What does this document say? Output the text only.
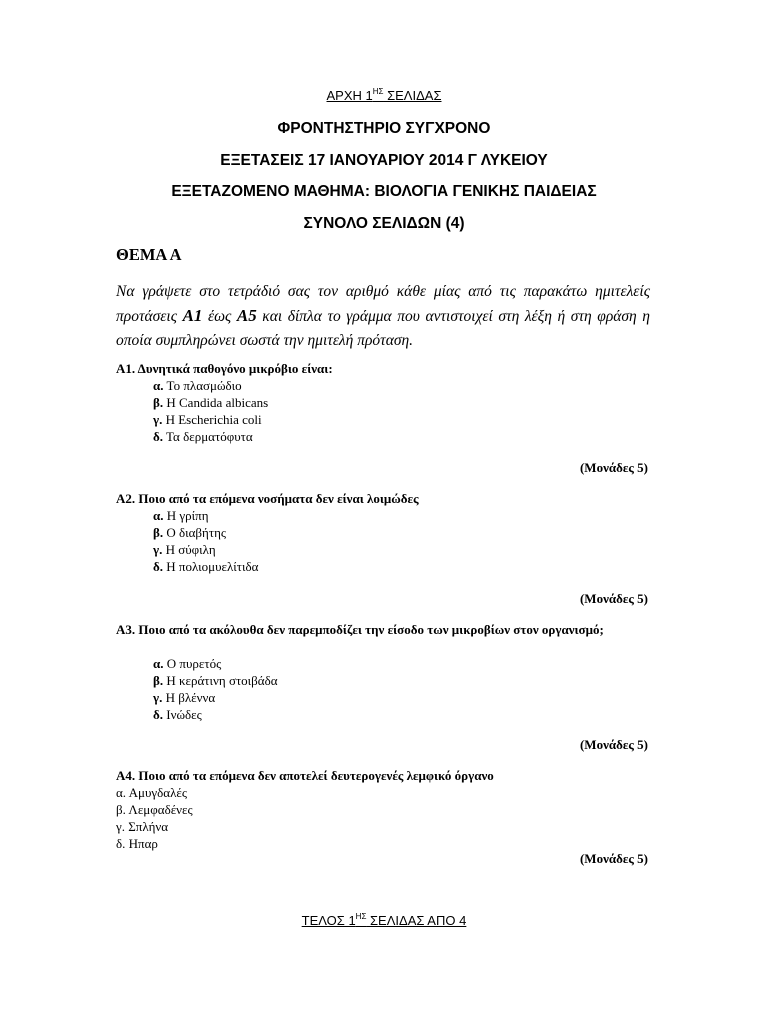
ΑΡΧΗ $1^{H\Sigma}$ ΣΕΛΙΔΑΣ
ΦΡΟΝΤΗΣΤΗΡΙΟ ΣΥΓΧΡΟΝΟ
ΕΞΕΤΑΣΕΙΣ 17 ΙΑΝΟΥΑΡΙΟΥ 2014 Γ ΛΥΚΕΙΟΥ
ΕΞΕΤΑΖΟΜΕΝΟ ΜΑΘΗΜΑ: ΒΙΟΛΟΓΙΑ ΓΕΝΙΚΗΣ ΠΑΙΔΕΙΑΣ
ΣΥΝΟΛΟ ΣΕΛΙΔΩΝ (4)
ΘΕΜΑ Α
Να γράψετε στο τετράδιό σας τον αριθμό κάθε μίας από τις παρακάτω ημιτελείς προτάσεις Α1 έως Α5 και δίπλα το γράμμα που αντιστοιχεί στη λέξη ή στη φράση η οποία συμπληρώνει σωστά την ημιτελή πρόταση.
Α1. Δυνητικά παθογόνο μικρόβιο είναι:
α. Το πλασμώδιο
β. Η Candida albicans
γ. Η Escherichia coli
δ. Τα δερματόφυτα
(Μονάδες 5)
Α2. Ποιο από τα επόμενα νοσήματα δεν είναι λοιμώδες
α. Η γρίπη
β. Ο διαβήτης
γ. Η σύφιλη
δ. Η πολιομυελίτιδα
(Μονάδες 5)
Α3. Ποιο από τα ακόλουθα δεν παρεμποδίζει την είσοδο των μικροβίων στον οργανισμό;
α. Ο πυρετός
β. Η κεράτινη στοιβάδα
γ. Η βλέννα
δ. Ινώδες
(Μονάδες 5)
Α4. Ποιο από τα επόμενα δεν αποτελεί δευτερογενές λεμφικό όργανο
α. Αμυγδαλές
β. Λεμφαδένες
γ. Σπλήνα
δ. Ηπαρ
(Μονάδες 5)
ΤΕΛΟΣ $1^{H\Sigma}$ ΣΕΛΙΔΑΣ ΑΠΟ 4
